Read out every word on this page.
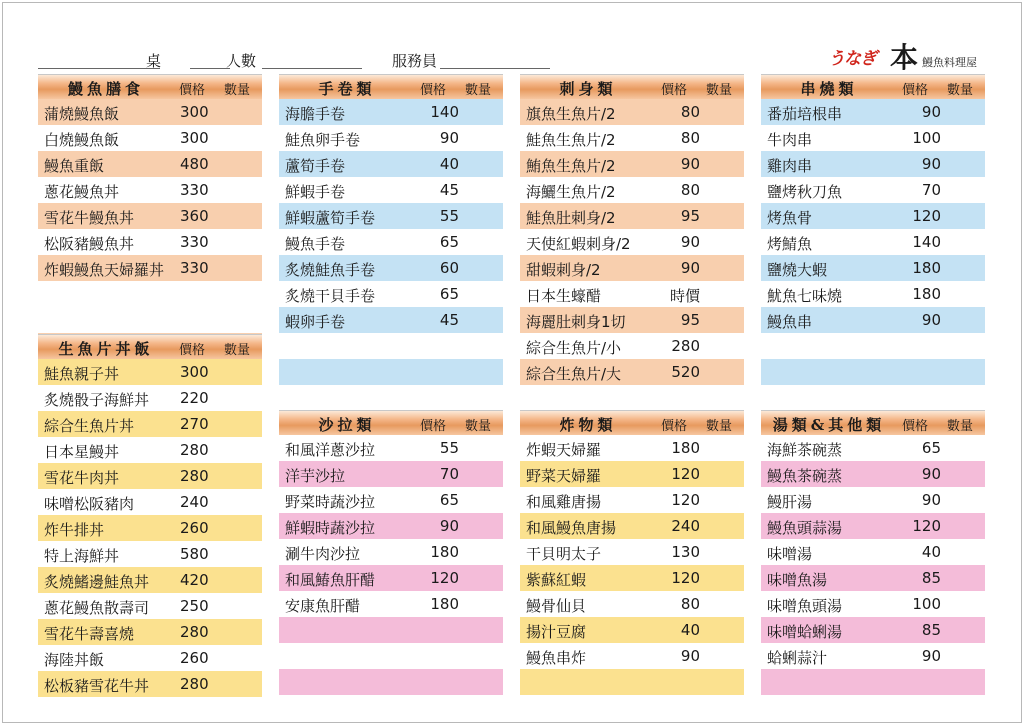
桌	人數	服務員	うなぎ 本 鰻魚料理屋
鰻魚膳食	價格 數量
蒲燒鰻魚飯	300
白燒鰻魚飯	300
鰻魚重飯	480
蔥花鰻魚丼	330
雪花牛鰻魚丼	360
松阪豬鰻魚丼	330
炸蝦鰻魚天婦羅丼 330
生魚片丼飯	價格 數量
鮭魚親子丼	300
炙燒骰子海鮮丼 220
綜合生魚片丼	270
日本星鰻丼	280
雪花牛肉丼	280
味噌松阪豬肉	240
炸牛排丼	260
特上海鮮丼	580
炙燒鰭邊鮭魚丼 420
蔥花鰻魚散壽司 250
雪花牛壽喜燒	280
海陸丼飯	260
松板豬雪花牛丼 280
手卷類	價格 數量
海膽手卷	140
鮭魚卵手卷	90
蘆筍手卷	40
鮮蝦手卷	45
鮮蝦蘆筍手卷	55
鰻魚手卷	65
炙燒鮭魚手卷	60
炙燒干貝手卷	65
蝦卵手卷	45
沙拉類	價格 數量
和風洋蔥沙拉	55
洋芋沙拉	70
野菜時蔬沙拉	65
鮮蝦時蔬沙拉	90
涮牛肉沙拉	180
和風鰆魚肝醋	120
安康魚肝醋	180
刺身類	價格 數量
旗魚生魚片/2	80
鮭魚生魚片/2	80
鮪魚生魚片/2	90
海鱺生魚片/2	80
鮭魚肚刺身/2	95
天使紅蝦刺身/2	90
甜蝦刺身/2	90
日本生蠔醋	時價
海麗肚刺身1切	95
綜合生魚片/小	280
綜合生魚片/大	520
炸物類	價格 數量
炸蝦天婦羅	180
野菜天婦羅	120
和風雞唐揚	120
和風鰻魚唐揚	240
干貝明太子	130
紫蘇紅蝦	120
鰻骨仙貝	80
揚汁豆腐	40
鰻魚串炸	90
串燒類	價格 數量
番茄培根串	90
牛肉串	100
雞肉串	90
鹽烤秋刀魚	70
烤魚骨	120
烤鯖魚	140
鹽燒大蝦	180
魷魚七味燒	180
鰻魚串	90
湯類&其他類	價格 數量
海鮮茶碗蒸	65
鰻魚茶碗蒸	90
鰻肝湯	90
鰻魚頭蒜湯	120
味噌湯	40
味噌魚湯	85
味噌魚頭湯	100
味噌蛤蜊湯	85
蛤蜊蒜汁	90
